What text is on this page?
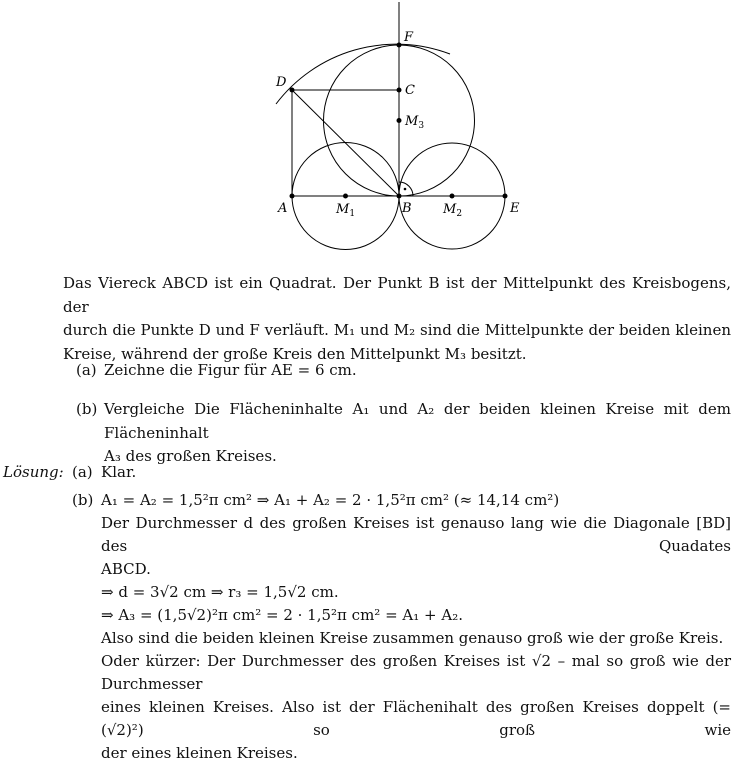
A	B	E
C
D
F
$M_1$	$M_2$
$M_3$
Das Viereck ABCD ist ein Quadrat. Der Punkt B ist der Mittelpunkt des Kreisbogens, der
durch die Punkte D und F verläuft. M₁ und M₂ sind die Mittelpunkte der beiden kleinen
Kreise, während der große Kreis den Mittelpunkt M₃ besitzt.
(a) Zeichne die Figur für AE = 6 cm.
(b) Vergleiche Die Flächeninhalte A₁ und A₂ der beiden kleinen Kreise mit dem Flächeninhalt
A₃ des großen Kreises.
Lösung: (a) Klar.
(b) A₁ = A₂ = 1,5²π cm² ⇒ A₁ + A₂ = 2 · 1,5²π cm² (≈ 14,14 cm²)
Der Durchmesser d des großen Kreises ist genauso lang wie die Diagonale [BD] des Quadates
ABCD.
⇒ d = 3√2 cm ⇒ r₃ = 1,5√2 cm.
⇒ A₃ = (1,5√2)²π cm² = 2 · 1,5²π cm² = A₁ + A₂.
Also sind die beiden kleinen Kreise zusammen genauso groß wie der große Kreis.
Oder kürzer: Der Durchmesser des großen Kreises ist √2 – mal so groß wie der Durchmesser
eines kleinen Kreises. Also ist der Flächenihalt des großen Kreises doppelt (= (√2)²) so groß wie
der eines kleinen Kreises.
